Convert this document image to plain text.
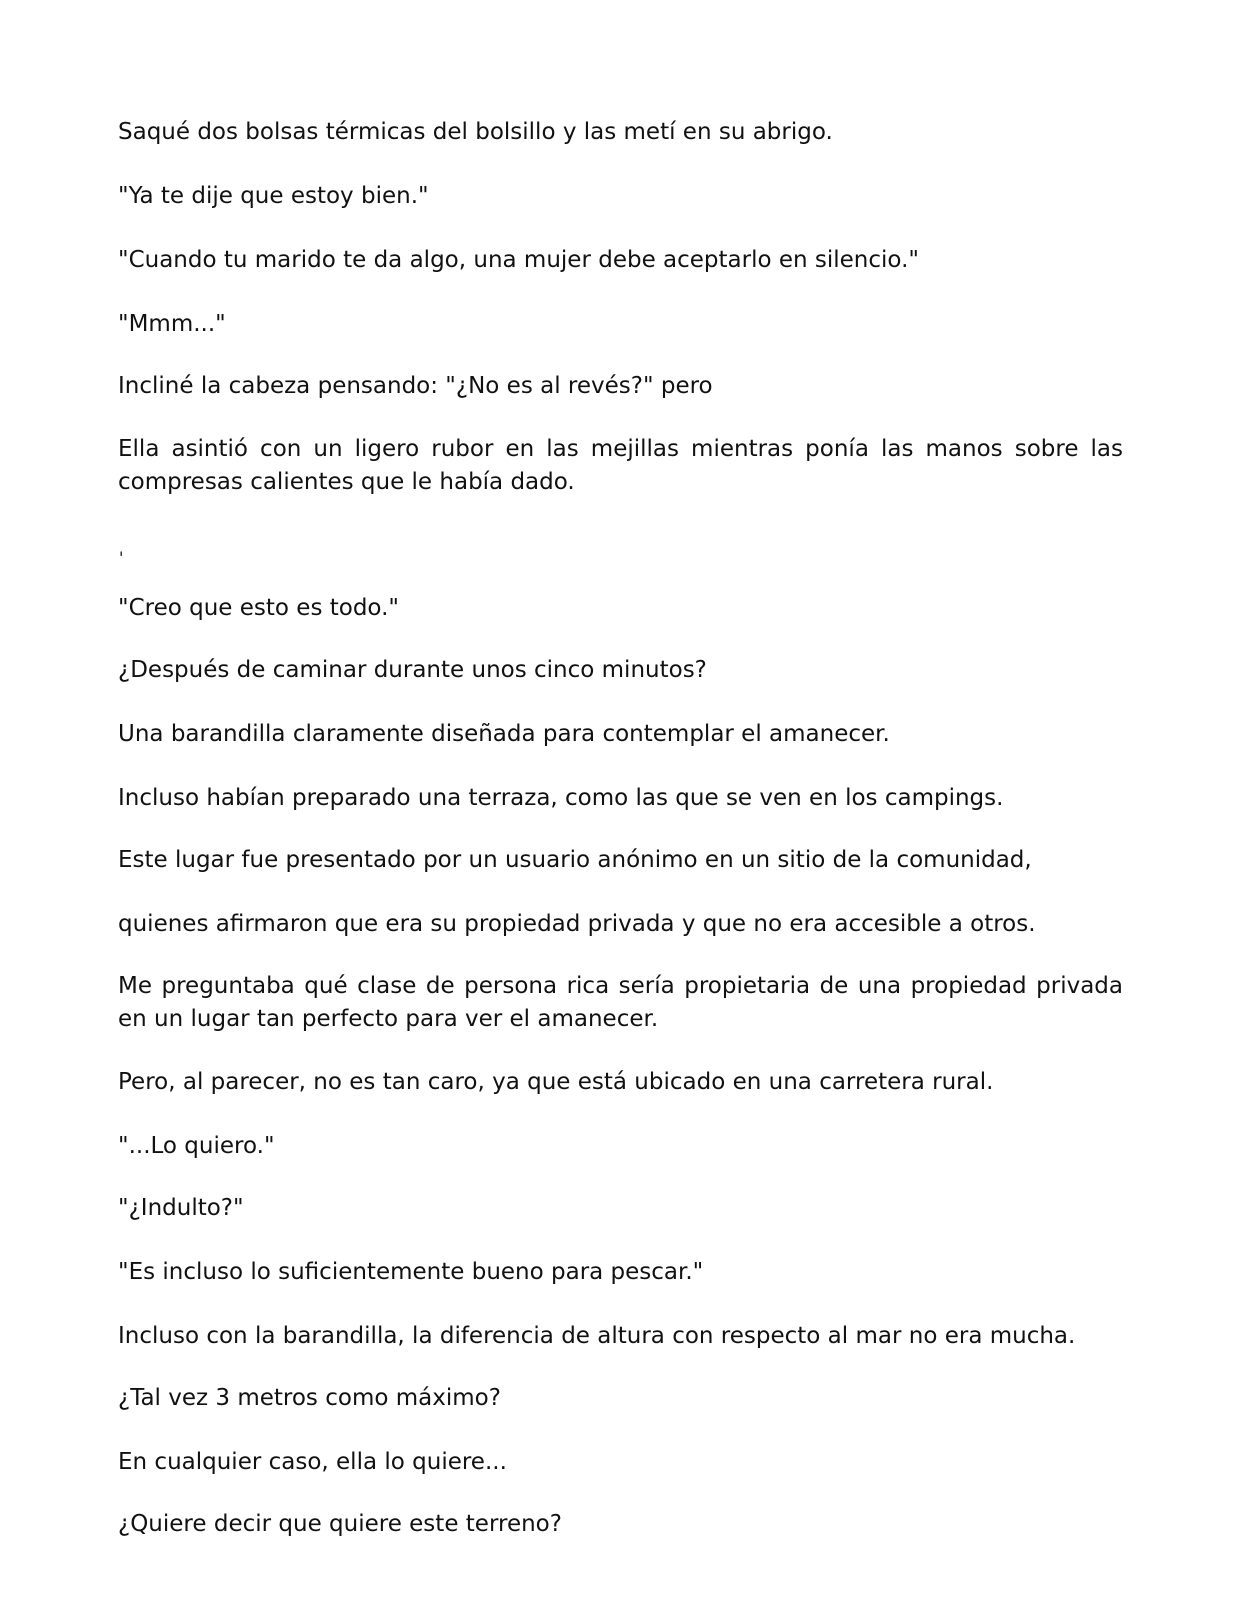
Saqué dos bolsas térmicas del bolsillo y las metí en su abrigo.

"Ya te dije que estoy bien."

"Cuando tu marido te da algo, una mujer debe aceptarlo en silencio."

"Mmm..."

Incliné la cabeza pensando: "¿No es al revés?" pero

Ella asintió con un ligero rubor en las mejillas mientras ponía las manos sobre las compresas calientes que le había dado.

'

"Creo que esto es todo."

¿Después de caminar durante unos cinco minutos?

Una barandilla claramente diseñada para contemplar el amanecer.

Incluso habían preparado una terraza, como las que se ven en los campings.

Este lugar fue presentado por un usuario anónimo en un sitio de la comunidad,

quienes afirmaron que era su propiedad privada y que no era accesible a otros.

Me preguntaba qué clase de persona rica sería propietaria de una propiedad privada en un lugar tan perfecto para ver el amanecer.

Pero, al parecer, no es tan caro, ya que está ubicado en una carretera rural.

"...Lo quiero."

"¿Indulto?"

"Es incluso lo suficientemente bueno para pescar."

Incluso con la barandilla, la diferencia de altura con respecto al mar no era mucha.

¿Tal vez 3 metros como máximo?

En cualquier caso, ella lo quiere...

¿Quiere decir que quiere este terreno?
